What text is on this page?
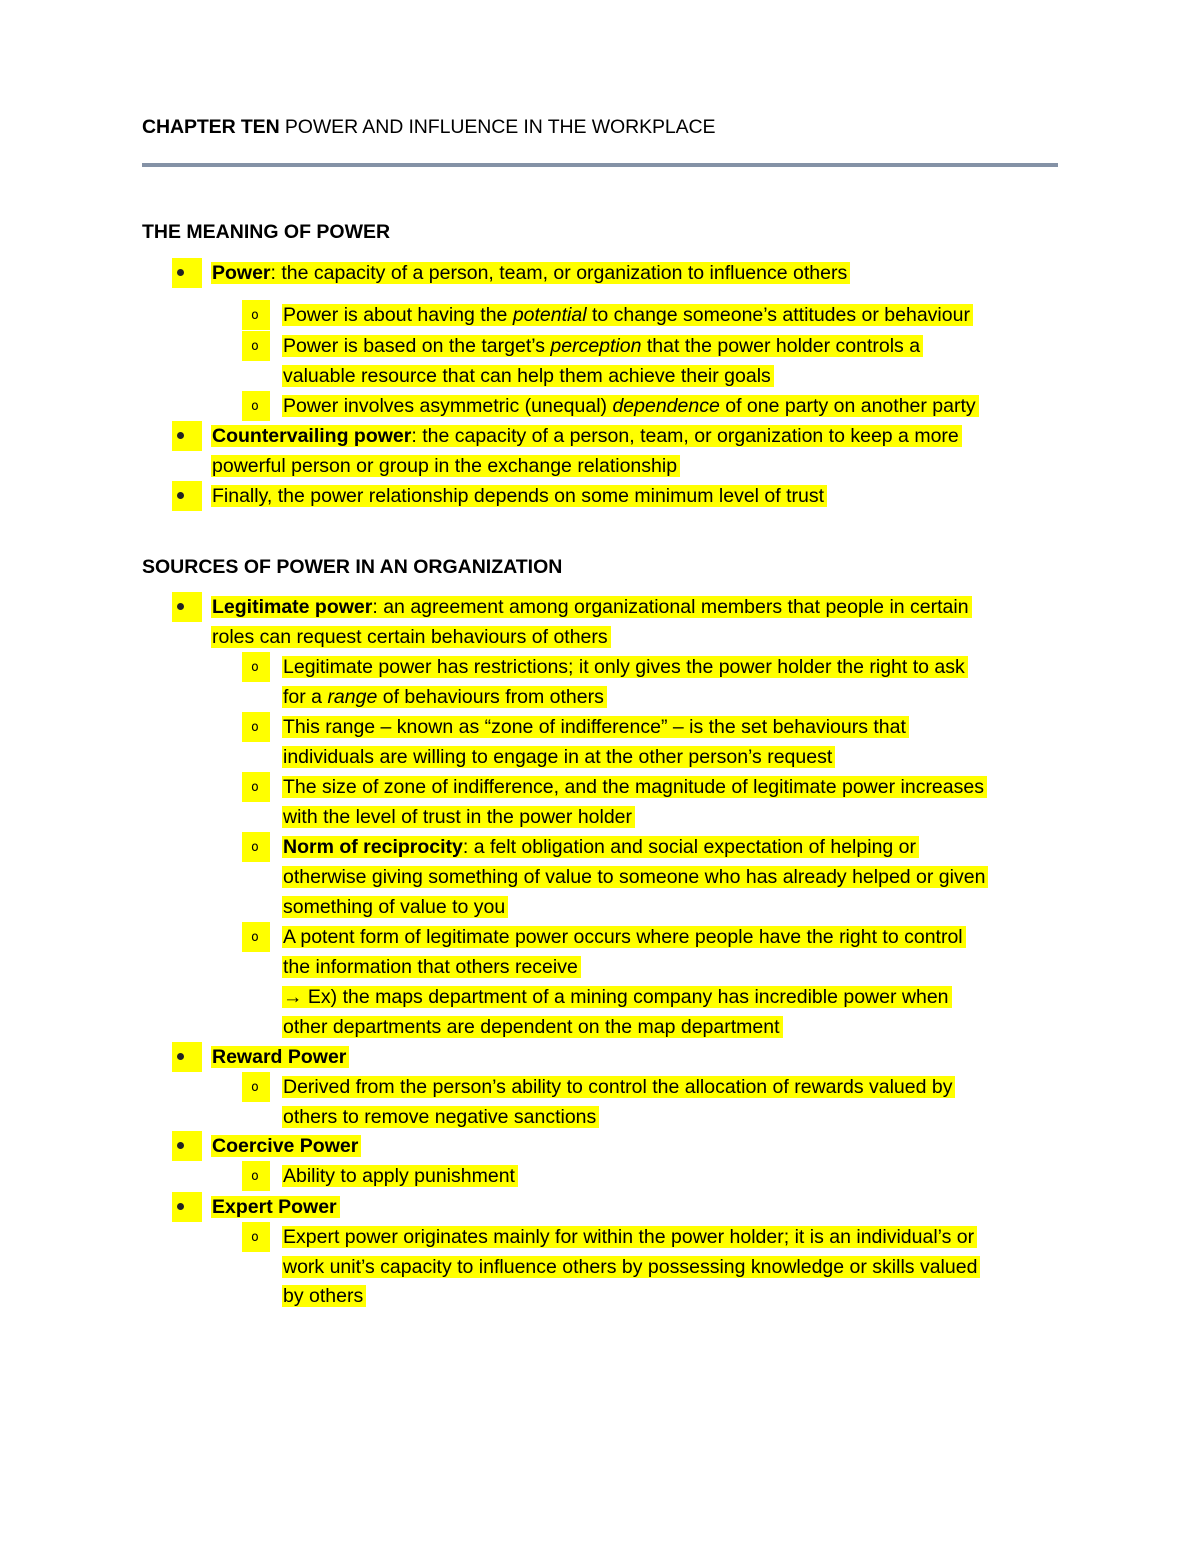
CHAPTER TEN POWER AND INFLUENCE IN THE WORKPLACE
THE MEANING OF POWER
Power: the capacity of a person, team, or organization to influence others
o	Power is about having the potential to change someone’s attitudes or behaviour
o	Power is based on the target’s perception that the power holder controls a
valuable resource that can help them achieve their goals
o	Power involves asymmetric (unequal) dependence of one party on another party
Countervailing power: the capacity of a person, team, or organization to keep a more
powerful person or group in the exchange relationship
Finally, the power relationship depends on some minimum level of trust
SOURCES OF POWER IN AN ORGANIZATION
Legitimate power: an agreement among organizational members that people in certain
roles can request certain behaviours of others
o	Legitimate power has restrictions; it only gives the power holder the right to ask
for a range of behaviours from others
o	This range – known as “zone of indifference” – is the set behaviours that
individuals are willing to engage in at the other person’s request
o	The size of zone of indifference, and the magnitude of legitimate power increases
with the level of trust in the power holder
o	Norm of reciprocity: a felt obligation and social expectation of helping or
otherwise giving something of value to someone who has already helped or given
something of value to you
o	A potent form of legitimate power occurs where people have the right to control
the information that others receive
→ Ex) the maps department of a mining company has incredible power when
other departments are dependent on the map department
Reward Power
o	Derived from the person’s ability to control the allocation of rewards valued by
others to remove negative sanctions
Coercive Power
o	Ability to apply punishment
Expert Power
o	Expert power originates mainly for within the power holder; it is an individual’s or
work unit’s capacity to influence others by possessing knowledge or skills valued
by others
